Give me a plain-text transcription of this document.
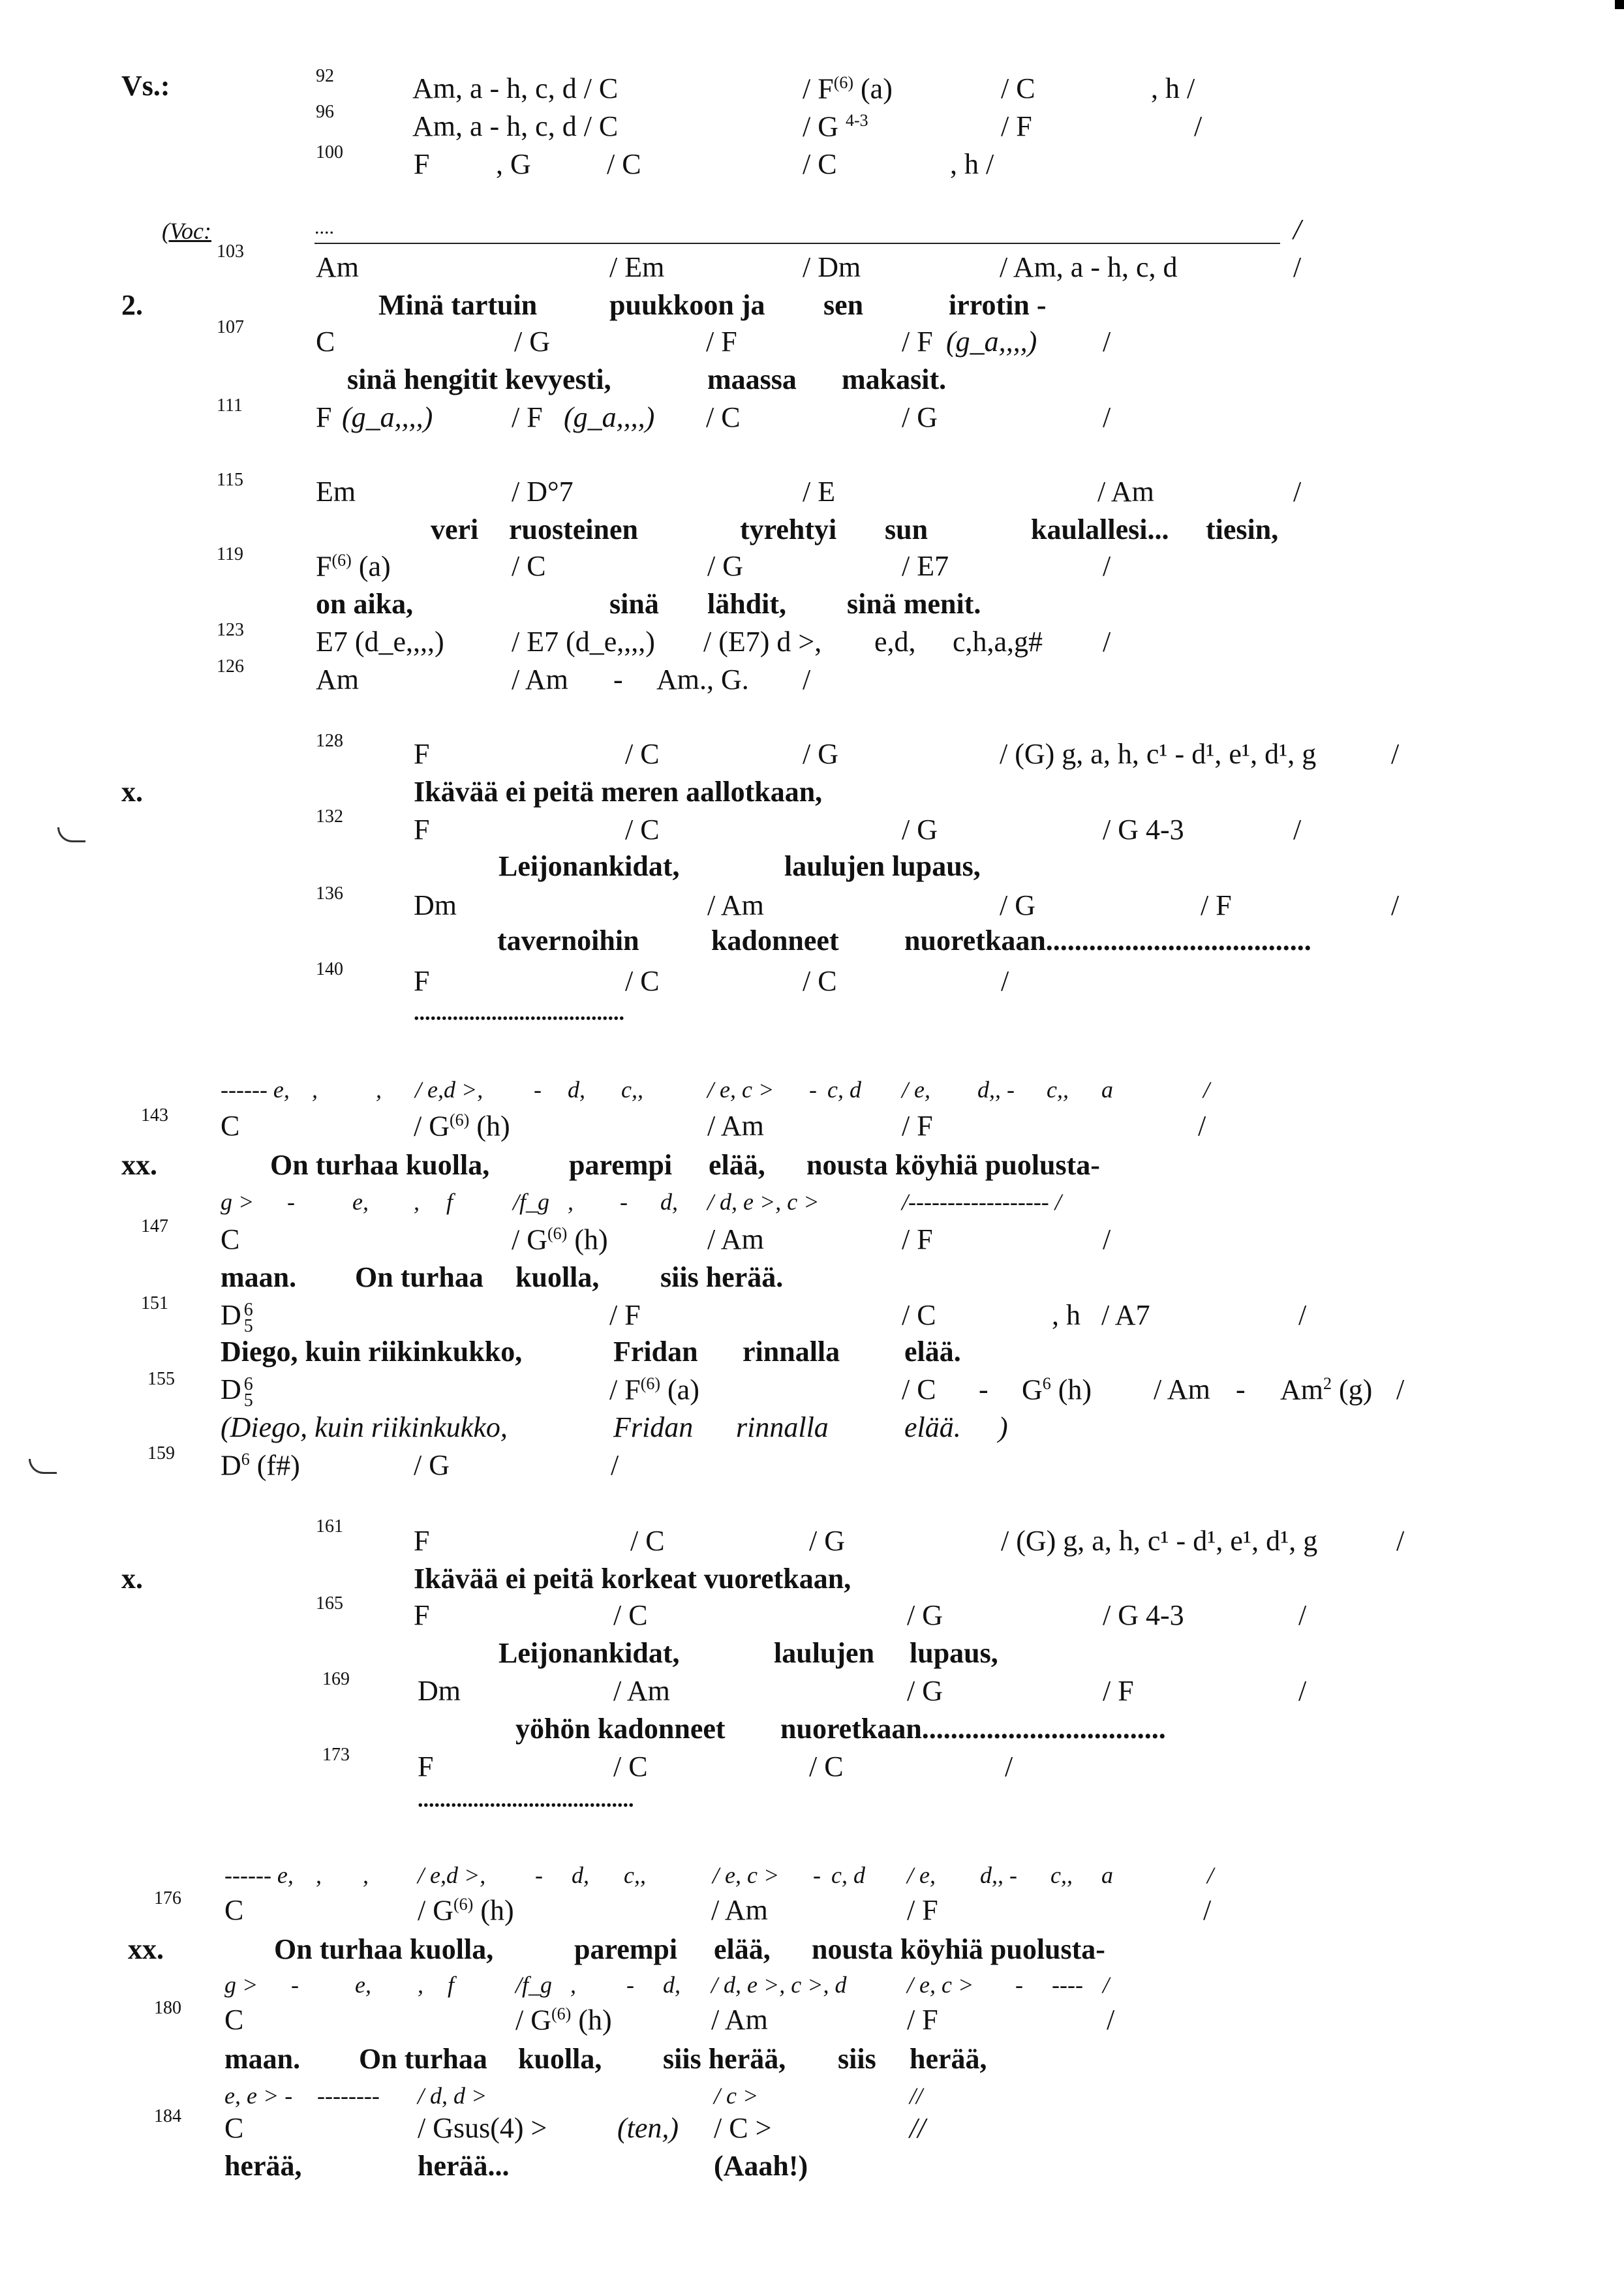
Vs.:	92	Am, a - h, c, d / C	/ $F^{(6)}$ (a)	/ C	, h /
96	Am, a - h, c, d / C	/ G $^{4-3}$	/ F	/
100 F , G	/ C	/ C	, h /
(Voc:	....	/
103	Am	/ Em	/ Dm	/ Am, a - h, c, d	/
2.	Minä tartuin	puukkoon ja sen	irrotin -
107	C	/ G	/ F	/ F (g_a,,,,) /
sinä hengitit kevyesti,	maassa makasit.
111	F (g_a,,,,)	/ F (g_a,,,,) / C	/ G	/
115	Em	/ D°7	/ E	/ Am	/
veri ruosteinen	tyrehtyi sun	kaulallesi... tiesin,
119	$F^{(6)}$ (a)	/ C	/ G	/ E7	/
on aika,	sinä lähdit, sinä menit.
123	E7 (d_e,,,,) / E7 (d_e,,,,) / (E7) d >, e,d, c,h,a,g# /
126	Am	/ Am - Am., G. /
128 F	/ C	/ G	/ (G) g, a, h, c¹ - d¹, e¹, d¹, g	/
x.	Ikävää ei peitä meren aallotkaan,
132 F	/ C	/ G	/ G 4-3	/
Leijonankidat,	laulujen lupaus,
136 Dm	/ Am	/ G	/ F	/
tavernoihin	kadonneet nuoretkaan.....................................
140 F	/ C	/ C	/
......................................
------ e, , , / e,d >, - d, c,,	/ e, c > - c, d / e, d,, - c,, a	/
143 C	/ $G^{(6)}$ (h)	/ Am	/ F	/
xx.	On turhaa kuolla,	parempi elää, nousta köyhiä puolusta-
g > - e, , f	/f_g , - d, / d, e >, c >	/------------------ /
147 C	/ $G^{(6)}$ (h)	/ Am	/ F	/
maan. On turhaa kuolla, siis herää.
151 D 6
5	/ F	/ C	, h / A7	/
Diego, kuin riikinkukko,	Fridan rinnalla elää.
155 D 6
5	/ $F^{(6)}$ (a)	/ C - $G^6$ (h) / Am - Am$^2$ (g) /
(Diego, kuin riikinkukko,	Fridan rinnalla	elää. )
159 $D^6$ (f#)	/ G	/
161 F	/ C	/ G	/ (G) g, a, h, c¹ - d¹, e¹, d¹, g	/
x.	Ikävää ei peitä korkeat vuoretkaan,
165 F	/ C	/ G	/ G 4-3	/
Leijonankidat,	laulujen lupaus,
169 Dm	/ Am	/ G	/ F	/
yöhön kadonneet nuoretkaan..................................
173 F	/ C	/ C	/
.......................................
------ e, , , / e,d >, - d, c,,	/ e, c > - c, d / e, d,, - c,, a	/
176 C	/ $G^{(6)}$ (h)	/ Am	/ F	/
xx.	On turhaa kuolla,	parempi elää, nousta köyhiä puolusta-
g > - e, , f	/f_g , - d, / d, e >, c >, d	/ e, c > - ---- /
180 C	/ $G^{(6)}$ (h)	/ Am	/ F	/
maan. On turhaa kuolla, siis herää, siis herää,
e, e > - -------- / d, d >	/ c >	//
184 C	/ Gsus(4) > (ten,) / C >	//
herää,	herää...	(Aaah!)
